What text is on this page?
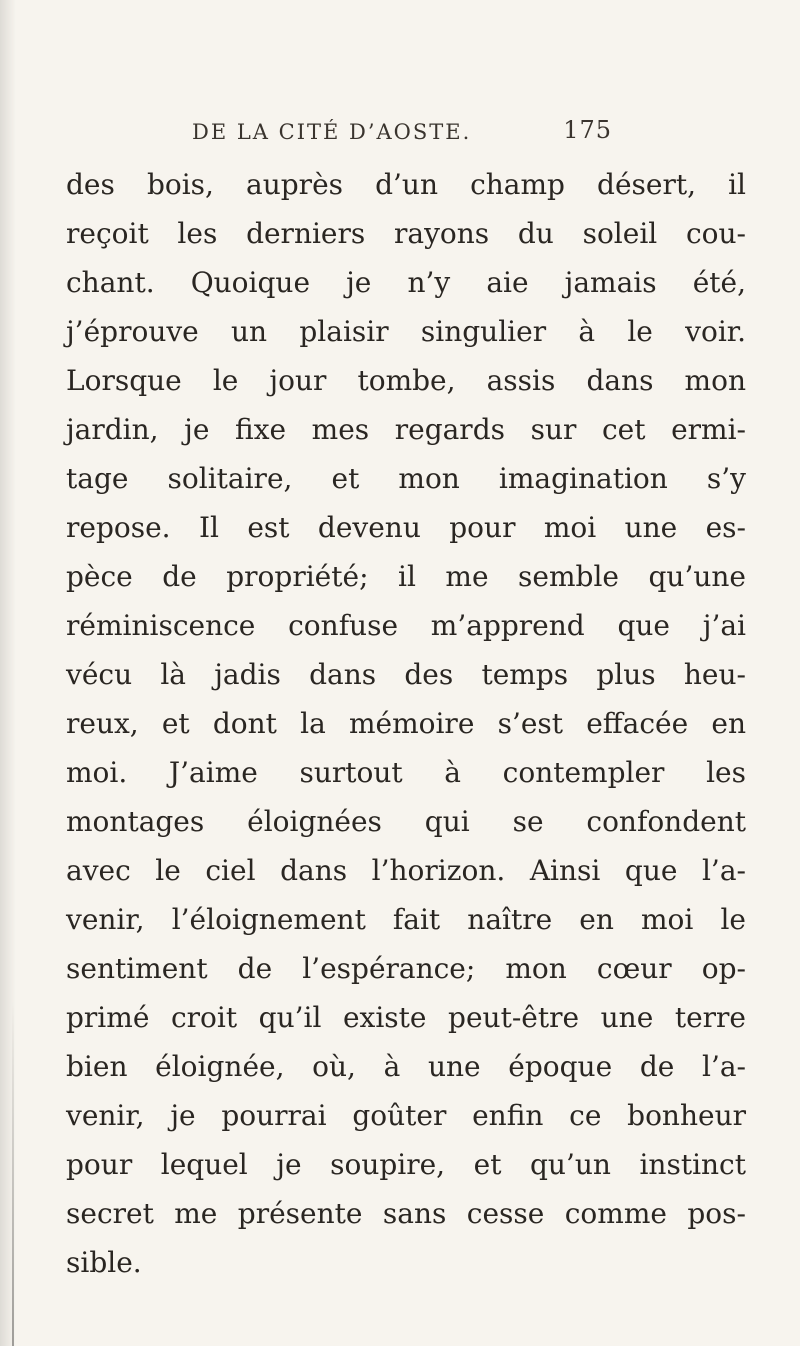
DE LA CITÉ D’AOSTE.	175
des bois, auprès d’un champ désert, il
reçoit les derniers rayons du soleil cou-
chant. Quoique je n’y aie jamais été,
j’éprouve un plaisir singulier à le voir.
Lorsque le jour tombe, assis dans mon
jardin, je fixe mes regards sur cet ermi-
tage solitaire, et mon imagination s’y
repose. Il est devenu pour moi une es-
pèce de propriété; il me semble qu’une
réminiscence confuse m’apprend que j’ai
vécu là jadis dans des temps plus heu-
reux, et dont la mémoire s’est effacée en
moi. J’aime surtout à contempler les
montages éloignées qui se confondent
avec le ciel dans l’horizon. Ainsi que l’a-
venir, l’éloignement fait naître en moi le
sentiment de l’espérance; mon cœur op-
primé croit qu’il existe peut-être une terre
bien éloignée, où, à une époque de l’a-
venir, je pourrai goûter enfin ce bonheur
pour lequel je soupire, et qu’un instinct
secret me présente sans cesse comme pos-
sible.
